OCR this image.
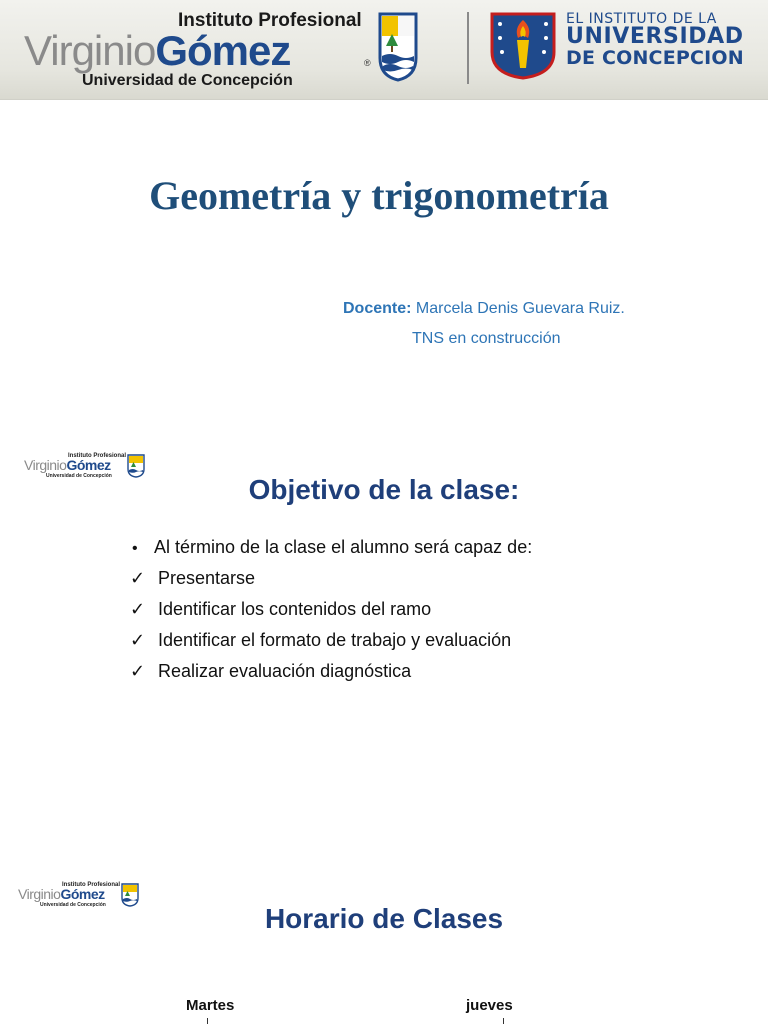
Instituto Profesional
VirginioGómez	®
Universidad de Concepción
EL INSTITUTO DE LA
UNIVERSIDAD
DE CONCEPCION
Geometría y trigonometría
Docente: Marcela Denis Guevara Ruiz.
TNS en construcción
Instituto Profesional
VirginioGómez
Universidad de Concepción	Objetivo de la clase:
• Al término de la clase el alumno será capaz de:
✓ Presentarse
✓ Identificar los contenidos del ramo
✓ Identificar el formato de trabajo y evaluación
✓ Realizar evaluación diagnóstica
Instituto Profesional
VirginioGómez
Universidad de Concepción	Horario de Clases
Martes	jueves
